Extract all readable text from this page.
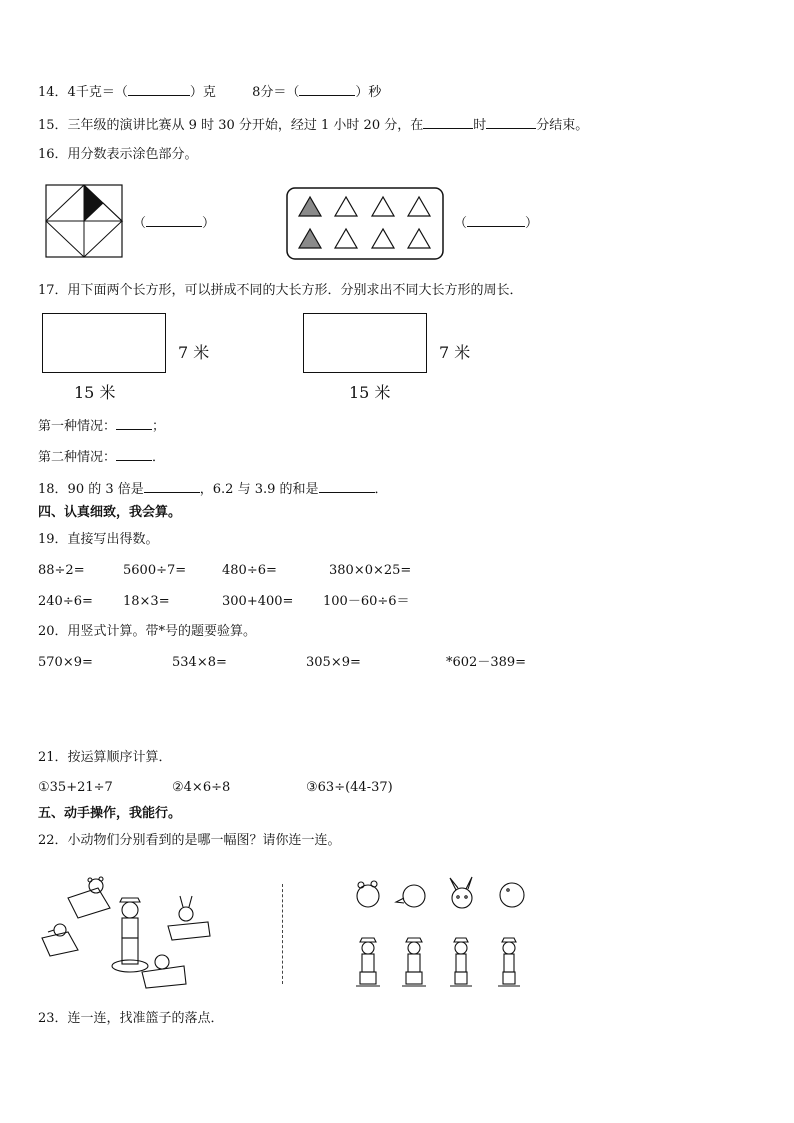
14．4千克＝（	）克	8分＝（	）秒
15．三年级的演讲比赛从 9 时 30 分开始，经过 1 小时 20 分，在	时	分结束。
16．用分数表示涂色部分。
（	）	（	）
17．用下面两个长方形，可以拼成不同的大长方形．分别求出不同大长方形的周长．
7 米
15 米
7 米
15 米
第一种情况：	；
第二种情况：	．
18．90 的 3 倍是	，6.2 与 3.9 的和是	．
四、认真细致，我会算。
19．直接写出得数。
88÷2=	5600÷7=	480÷6=	380×0×25=
240÷6= 18×3=	300+400= 100－60÷6＝
20．用竖式计算。带*号的题要验算。
570×9=	534×8=	305×9=	*602－389=
21．按运算顺序计算．
①35+21÷7	②4×6÷8	③63÷(44-37)
五、动手操作，我能行。
22．小动物们分别看到的是哪一幅图？请你连一连。
23．连一连，找准篮子的落点．
